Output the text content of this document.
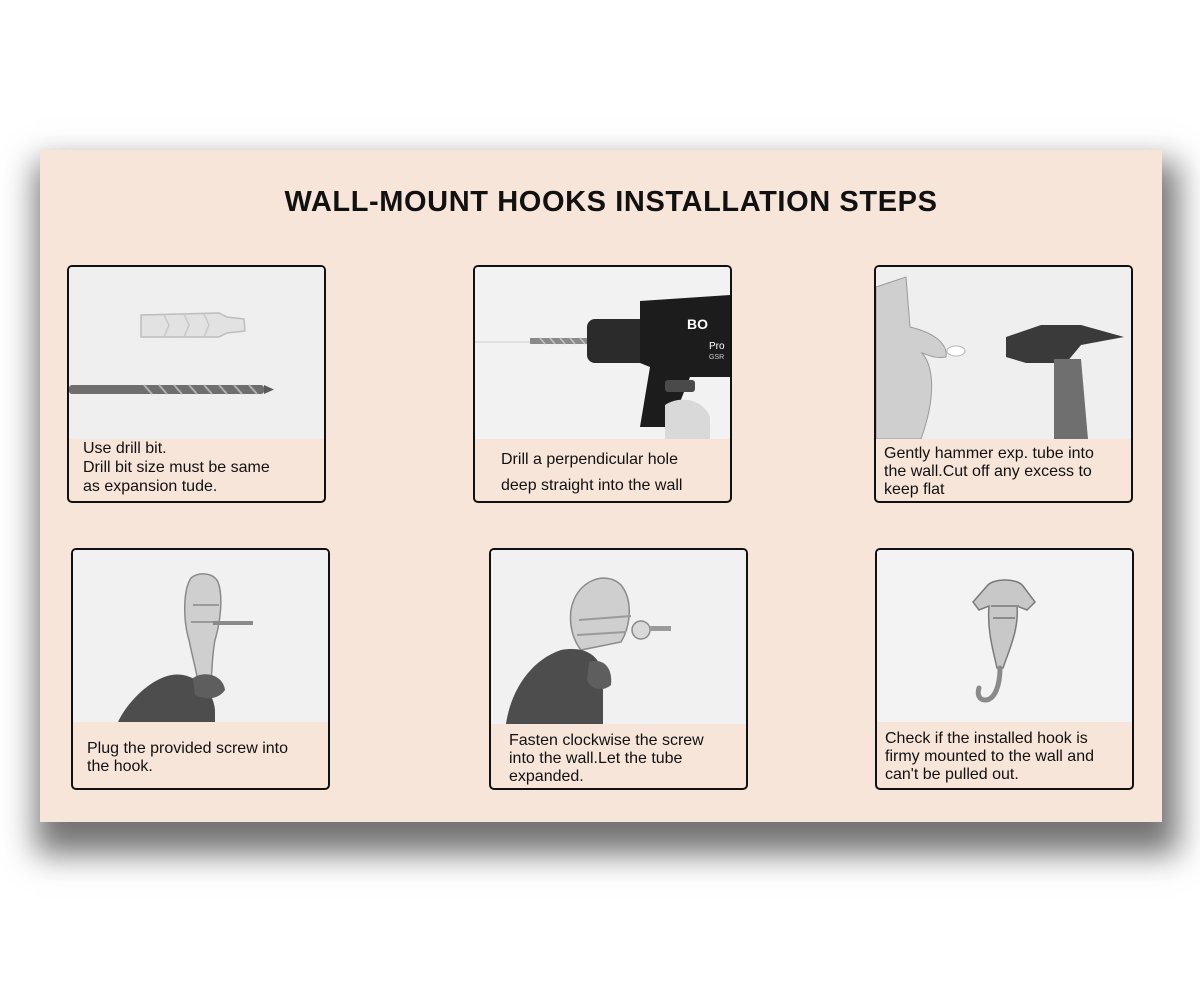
WALL-MOUNT HOOKS INSTALLATION STEPS
Use drill bit.
Drill bit size must be same
as expansion tude.
BO
Pro
GSR
Drill a perpendicular hole
deep straight into the wall
Gently hammer exp. tube into
the wall.Cut off any excess to
keep flat
Plug the provided screw into
the hook.
Fasten clockwise the screw
into the wall.Let the tube
expanded.
Check if the installed hook is
firmy mounted to the wall and
can't be pulled out.
